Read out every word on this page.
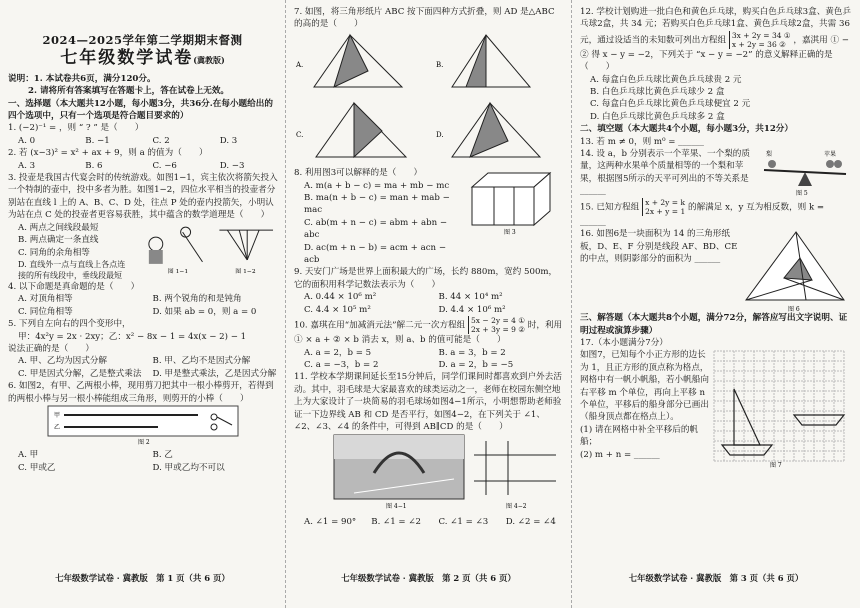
2024—2025学年第二学期期末督测
七年级数学试卷(冀教版)
说明：1. 本试卷共6页，满分120分。
2. 请将所有答案填写在答题卡上，答在试卷上无效。
一、选择题（本大题共12小题，每小题3分，共36分.在每小题给出的四个选项中，只有一个选项是符合题目要求的）
1. (−2)⁻¹ = ，则 “ ? ” 是（　　）
A. 0	B. −1	C. 2	D. 3
2. 若 (x−3)² = x² + ax + 9，则 a 的值为（　　）
A. 3	B. 6	C. −6	D. −3
3. 投壶是我国古代宴会时的传统游戏。如图1−1，宾主依次将箭矢投入一个特制的壶中，投中多者为胜。如图1−2，四位水平相当的投壶者分别站在直线 l 上的 A、B、C、D 处，往点 P 处的壶内投箭矢，小明认为站在点 C 处的投壶者更容易获胜，其中蕴含的数学道理是（　　）
A. 两点之间线段最短
B. 两点确定一条直线
C. 同角的余角相等
D. 直线外一点与直线上各点连接的所有线段中，垂线段最短	图 1−1	图 1−2
4. 以下命题是真命题的是（　　）
A. 对顶角相等	B. 两个锐角的和是钝角
C. 同位角相等	D. 如果 ab = 0，则 a = 0
5. 下列自左向右的四个变形中，
甲：4x²y = 2x · 2xy；乙：x² − 8x − 1 = 4x(x − 2) − 1
说法正确的是（　　）
A. 甲、乙均为因式分解	B. 甲、乙均不是因式分解
C. 甲是因式分解，乙是整式乘法	D. 甲是整式乘法，乙是因式分解
6. 如图2，有甲、乙两根小棒，现用剪刀把其中一根小棒剪开，若得到的两根小棒与另一根小棒能组成三角形，则剪开的小棒（　　）
甲
乙
图 2
A. 甲	B. 乙
C. 甲或乙	D. 甲或乙均不可以
七年级数学试卷 · 冀教版　第 1 页（共 6 页）
7. 如图，将三角形纸片 ABC 按下面四种方式折叠，则 AD 是△ABC 的高的是（　　）
A.	B.
C.	D.
8. 利用图3可以解释的是（　　）
A. m(a + b − c) = ma + mb − mc
B. ma(n + b − c) = man + mab − mac
C. ab(m + n − c) = abm + abn − abc
D. ac(m + n − b) = acm + acn − acb
图 3
9. 天安门广场是世界上面积最大的广场，长约 880m，宽约 500m，它的面积用科学记数法表示为（　　）
A. 0.44 × 10⁶ m²	B. 44 × 10⁴ m²
C. 4.4 × 10⁵ m²	D. 4.4 × 10⁶ m²
10. 嘉琪在用“加减消元法”解二元一次方程组 5x − 2y = 4 ①
2x + 3y = 9 ② 时，利用① × a + ② × b 消去 x，则 a、b 的值可能是（　　）
A. a = 2，b = 5	B. a = 3，b = 2
C. a = −3，b = 2	D. a = 2，b = −5
11. 学校本学期课间延长至15分钟后，同学们课间时都喜欢到户外去活动。其中，羽毛球是大家最喜欢的球类运动之一，老师在校园东侧空地上为大家设计了一块简易的羽毛球场如图4−1所示，小明想帮助老师验证一下边界线 AB 和 CD 是否平行，如图4−2，在下列关于 ∠1、∠2、∠3、∠4 的条件中，可得到 AB∥CD 的是（　　）
图 4−1	图 4−2
A. ∠1 = 90°	B. ∠1 = ∠2	C. ∠1 = ∠3	D. ∠2 = ∠4
七年级数学试卷 · 冀教版　第 2 页（共 6 页）
12. 学校计划购进一批白色和黄色乒乓球，购买白色乒乓球3盒、黄色乒乓球2盒，共 34 元；若购买白色乒乓球1盒、黄色乒乓球2盒，共需 36 元，通过设适当的未知数可列出方程组 3x + 2y = 34 ①
x + 2y = 36 ② ，嘉淇用 ① − ② 得 x − y = −2，下列关于 “x − y = −2” 的意义解释正确的是（　　）
A. 每盒白色乒乓球比黄色乒乓球贵 2 元
B. 白色乒乓球比黄色乒乓球少 2 盒
C. 每盒白色乒乓球比黄色乒乓球便宜 2 元
D. 白色乒乓球比黄色乒乓球多 2 盒
二、填空题（本大题共4个小题，每小题3分，共12分）
13. 若 m ≠ 0，则 m⁰ = ______
14. 设 a，b 分别表示一个苹果、一个梨的质量，这两种水果单个质量相等的一个梨和苹果，根据图5所示的天平可列出的不等关系是 ______
梨	苹果
图 5
15. 已知方程组 x + 2y = k
2x + y = 1 的解满足 x，y 互为相反数，则 k = ______
16. 如图6是一块面积为 14 的三角形纸板，D、E、F 分别是线段 AF、BD、CE 的中点，则阴影部分的面积为 ______
图 6
三、解答题（本大题共8个小题，满分72分，解答应写出文字说明、证明过程或演算步骤）
17.（本小题满分7分）
如图7，已知每个小正方形的边长为 1，且正方形的顶点称为格点，网格中有一帆小帆船，若小帆船向右平移 m 个单位，再向上平移 n 个单位，平移后的船身部分已画出（船身顶点都在格点上）。
(1) 请在网格中补全平移后的帆船；
(2) m + n = ______
图 7
七年级数学试卷 · 冀教版　第 3 页（共 6 页）
